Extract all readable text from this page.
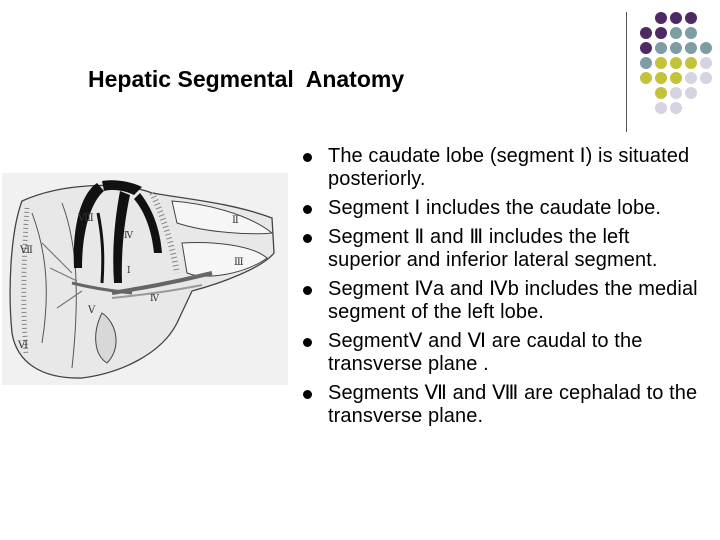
Hepatic Segmental  Anatomy
Ⅷ
Ⅶ
Ⅱ
Ⅲ
Ⅳ
Ⅳ
Ⅴ
Ⅵ
Ⅰ
The caudate lobe (segment Ⅰ) is situated posteriorly.
Segment Ⅰ includes the caudate lobe.
Segment Ⅱ and Ⅲ includes the left superior and inferior lateral segment.
Segment Ⅳa and Ⅳb includes the medial segment of the left lobe.
SegmentⅤ and Ⅵ are caudal to the transverse plane .
Segments Ⅶ and Ⅷ are cephalad to the transverse plane.
